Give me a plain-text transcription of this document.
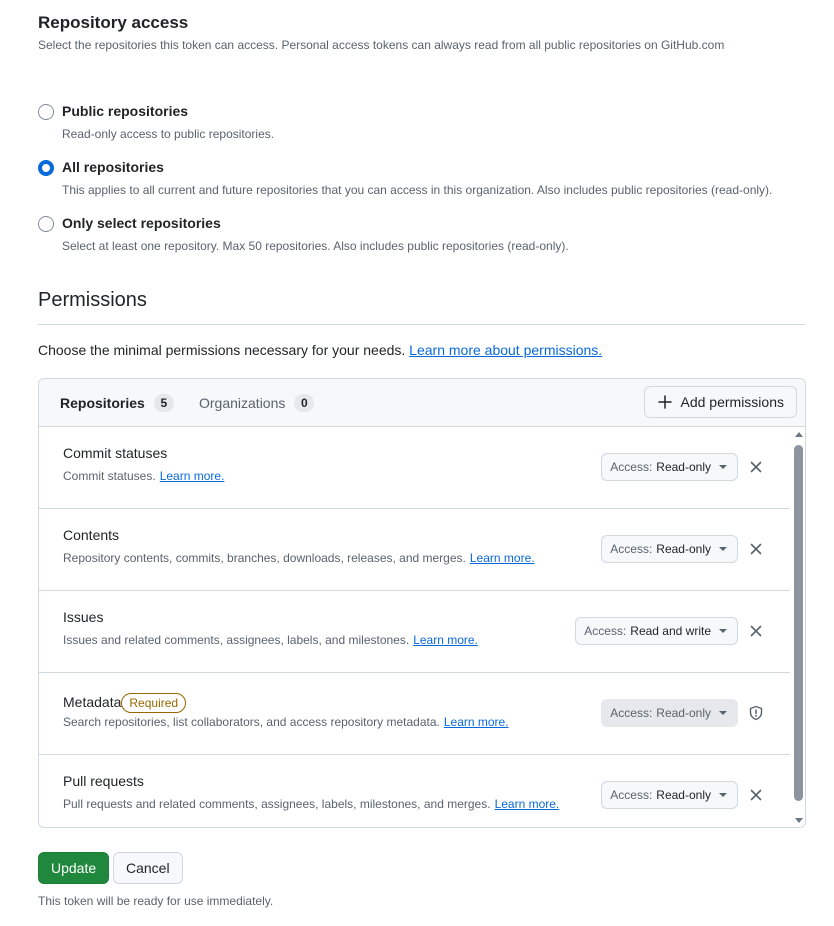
Repository access
Select the repositories this token can access. Personal access tokens can always read from all public repositories on GitHub.com
Public repositories
Read-only access to public repositories.
All repositories
This applies to all current and future repositories that you can access in this organization. Also includes public repositories (read-only).
Only select repositories
Select at least one repository. Max 50 repositories. Also includes public repositories (read-only).
Permissions
Choose the minimal permissions necessary for your needs. Learn more about permissions.
Repositories	5	Organizations	0	Add permissions
Commit statuses
Commit statuses. Learn more.
Access: Read-only
Contents
Repository contents, commits, branches, downloads, releases, and merges. Learn more.
Access: Read-only
Issues
Issues and related comments, assignees, labels, and milestones. Learn more.
Access: Read and write
Metadata Required
Search repositories, list collaborators, and access repository metadata. Learn more.
Access: Read-only
Pull requests
Pull requests and related comments, assignees, labels, milestones, and merges. Learn more.
Access: Read-only
Update	Cancel
This token will be ready for use immediately.
